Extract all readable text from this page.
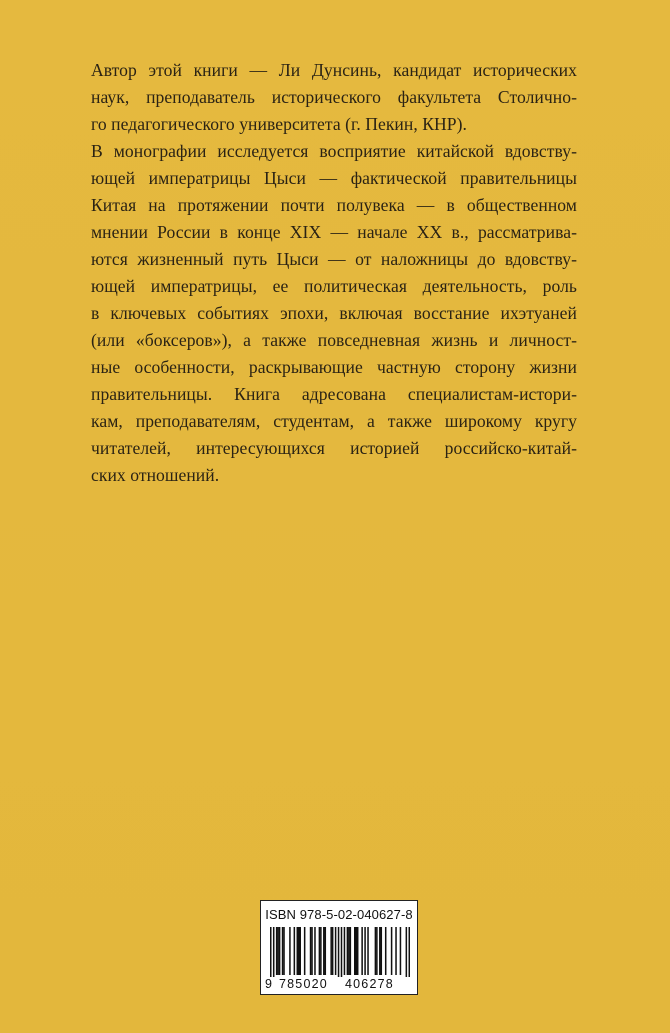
Автор этой книги — Ли Дунсинь, кандидат исторических
наук, преподаватель исторического факультета Столично-
го педагогического университета (г. Пекин, КНР).
В монографии исследуется восприятие китайской вдовству-
ющей императрицы Цыси — фактической правительницы
Китая на протяжении почти полувека — в общественном
мнении России в конце XIX — начале XX в., рассматрива-
ются жизненный путь Цыси — от наложницы до вдовству-
ющей императрицы, ее политическая деятельность, роль
в ключевых событиях эпохи, включая восстание ихэтуаней
(или «боксеров»), а также повседневная жизнь и личност-
ные особенности, раскрывающие частную сторону жизни
правительницы. Книга адресована специалистам-истори-
кам, преподавателям, студентам, а также широкому кругу
читателей, интересующихся историей российско-китай-
ских отношений.
ISBN 978-5-02-040627-8
9 785020 406278
